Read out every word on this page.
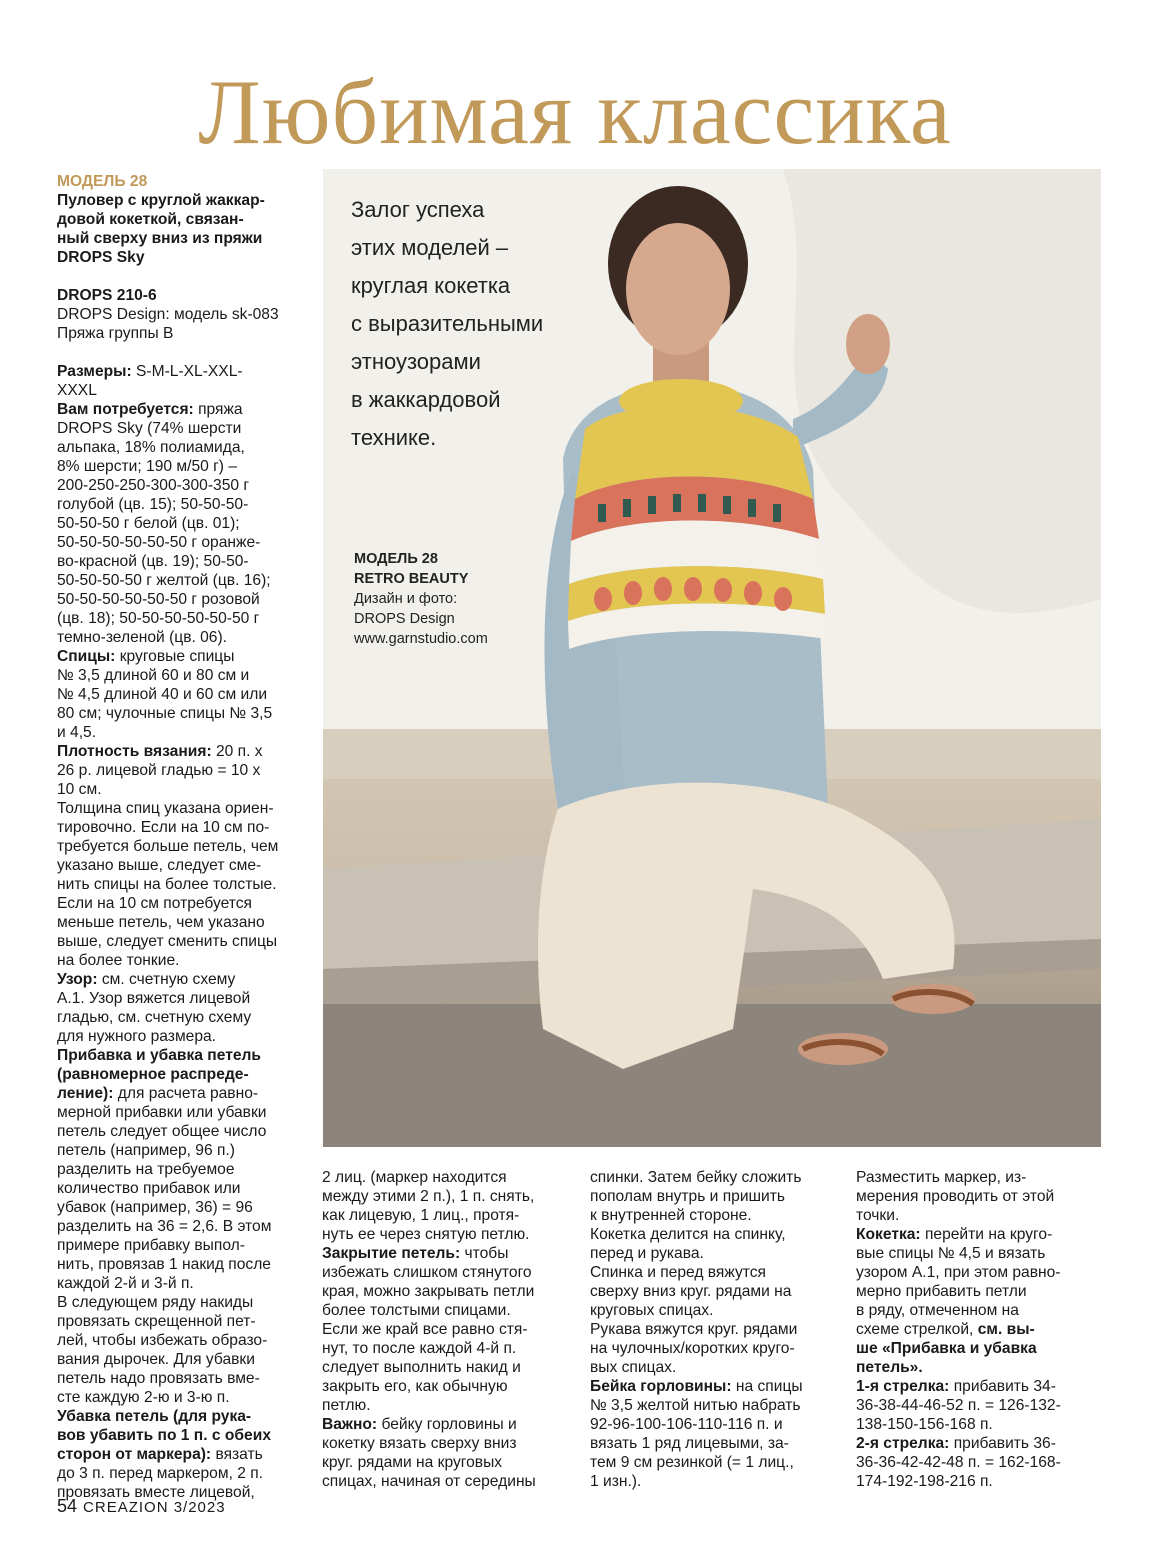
Любимая классика

МОДЕЛЬ 28

Пуловер с круглой жаккар-

довой кокеткой, связан-

ный сверху вниз из пряжи

DROPS Sky

DROPS 210-6

DROPS Design: модель sk-083

Пряжа группы B

Размеры: S-M-L-XL-XXL-

XXXL

Вам потребуется: пряжа

DROPS Sky (74% шерсти

альпака, 18% полиамида,

8% шерсти; 190 м/50 г) –

200-250-250-300-300-350 г

голубой (цв. 15); 50-50-50-

50-50-50 г белой (цв. 01);

50-50-50-50-50-50 г оранже-

во-красной (цв. 19); 50-50-

50-50-50-50 г желтой (цв. 16);

50-50-50-50-50-50 г розовой

(цв. 18); 50-50-50-50-50-50 г

темно-зеленой (цв. 06).

Спицы: круговые спицы

№ 3,5 длиной 60 и 80 см и

№ 4,5 длиной 40 и 60 см или

80 см; чулочные спицы № 3,5

и 4,5.

Плотность вязания: 20 п. х

26 р. лицевой гладью = 10 х

10 см.

Толщина спиц указана ориен-

тировочно. Если на 10 см по-

требуется больше петель, чем

указано выше, следует сме-

нить спицы на более толстые.

Если на 10 см потребуется

меньше петель, чем указано

выше, следует сменить спицы

на более тонкие.

Узор: см. счетную схему

А.1. Узор вяжется лицевой

гладью, см. счетную схему

для нужного размера.

Прибавка и убавка петель

(равномерное распреде-

ление): для расчета равно-

мерной прибавки или убавки

петель следует общее число

петель (например, 96 п.)

разделить на требуемое

количество прибавок или

убавок (например, 36) = 96

разделить на 36 = 2,6. В этом

примере прибавку выпол-

нить, провязав 1 накид после

каждой 2-й и 3-й п.

В следующем ряду накиды

провязать скрещенной пет-

лей, чтобы избежать образо-

вания дырочек. Для убавки

петель надо провязать вме-

сте каждую 2-ю и 3-ю п.

Убавка петель (для рука-

вов убавить по 1 п. с обеих

сторон от маркера): вязать

до 3 п. перед маркером, 2 п.

провязать вместе лицевой,

2 лиц. (маркер находится

между этими 2 п.), 1 п. снять,

как лицевую, 1 лиц., протя-

нуть ее через снятую петлю.

Закрытие петель: чтобы

избежать слишком стянутого

края, можно закрывать петли

более толстыми спицами.

Если же край все равно стя-

нут, то после каждой 4-й п.

следует выполнить накид и

закрыть его, как обычную

петлю.

Важно: бейку горловины и

кокетку вязать сверху вниз

круг. рядами на круговых

спицах, начиная от середины

спинки. Затем бейку сложить

пополам внутрь и пришить

к внутренней стороне.

Кокетка делится на спинку,

перед и рукава.

Спинка и перед вяжутся

сверху вниз круг. рядами на

круговых спицах.

Рукава вяжутся круг. рядами

на чулочных/коротких круго-

вых спицах.

Бейка горловины: на спицы

№ 3,5 желтой нитью набрать

92-96-100-106-110-116 п. и

вязать 1 ряд лицевыми, за-

тем 9 см резинкой (= 1 лиц.,

1 изн.).

Разместить маркер, из-

мерения проводить от этой

точки.

Кокетка: перейти на круго-

вые спицы № 4,5 и вязать

узором А.1, при этом равно-

мерно прибавить петли

в ряду, отмеченном на

схеме стрелкой, см. вы-

ше «Прибавка и убавка

петель».

1-я стрелка: прибавить 34-

36-38-44-46-52 п. = 126-132-

138-150-156-168 п.

2-я стрелка: прибавить 36-

36-36-42-42-48 п. = 162-168-

174-192-198-216 п.

Залог успеха

этих моделей –

круглая кокетка

с выразительными

этноузорами

в жаккардовой

технике.

МОДЕЛЬ 28

RETRO BEAUTY

Дизайн и фото:

DROPS Design

www.garnstudio.com

54 CREAZION 3/2023
